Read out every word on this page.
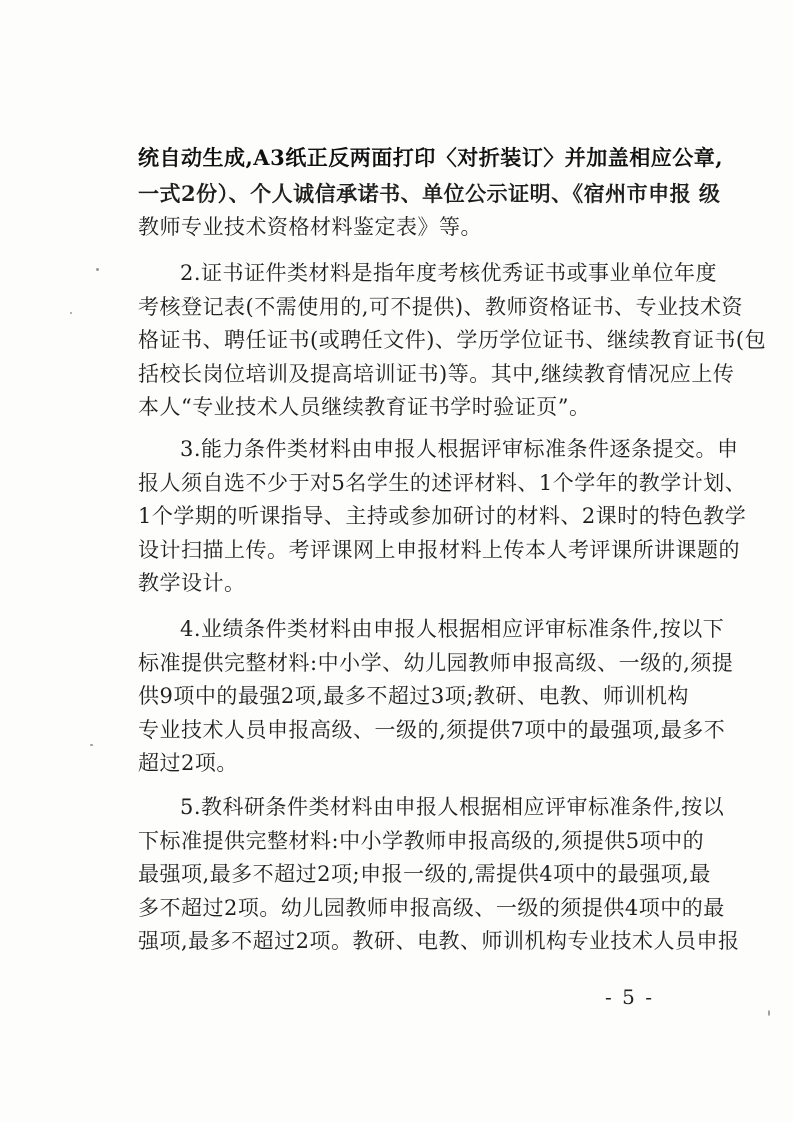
统自动生成,A3纸正反两面打印〈对折装订〉并加盖相应公章,
一式2份）、个人诚信承诺书、单位公示证明、《宿州市申报 级
教师专业技术资格材料鉴定表》等。
2.证书证件类材料是指年度考核优秀证书或事业单位年度
考核登记表(不需使用的,可不提供)、教师资格证书、专业技术资
格证书、聘任证书(或聘任文件)、学历学位证书、继续教育证书(包
括校长岗位培训及提高培训证书)等。其中,继续教育情况应上传
本人“专业技术人员继续教育证书学时验证页”。
3.能力条件类材料由申报人根据评审标准条件逐条提交。申
报人须自选不少于对5名学生的述评材料、1个学年的教学计划、
1个学期的听课指导、主持或参加研讨的材料、2课时的特色教学
设计扫描上传。考评课网上申报材料上传本人考评课所讲课题的
教学设计。
4.业绩条件类材料由申报人根据相应评审标准条件,按以下
标准提供完整材料:中小学、幼儿园教师申报高级、一级的,须提
供9项中的最强2项,最多不超过3项;教研、电教、师训机构
专业技术人员申报高级、一级的,须提供7项中的最强项,最多不
超过2项。
5.教科研条件类材料由申报人根据相应评审标准条件,按以
下标准提供完整材料:中小学教师申报高级的,须提供5项中的
最强项,最多不超过2项;申报一级的,需提供4项中的最强项,最
多不超过2项。幼儿园教师申报高级、一级的须提供4项中的最
强项,最多不超过2项。教研、电教、师训机构专业技术人员申报
- 5 -
